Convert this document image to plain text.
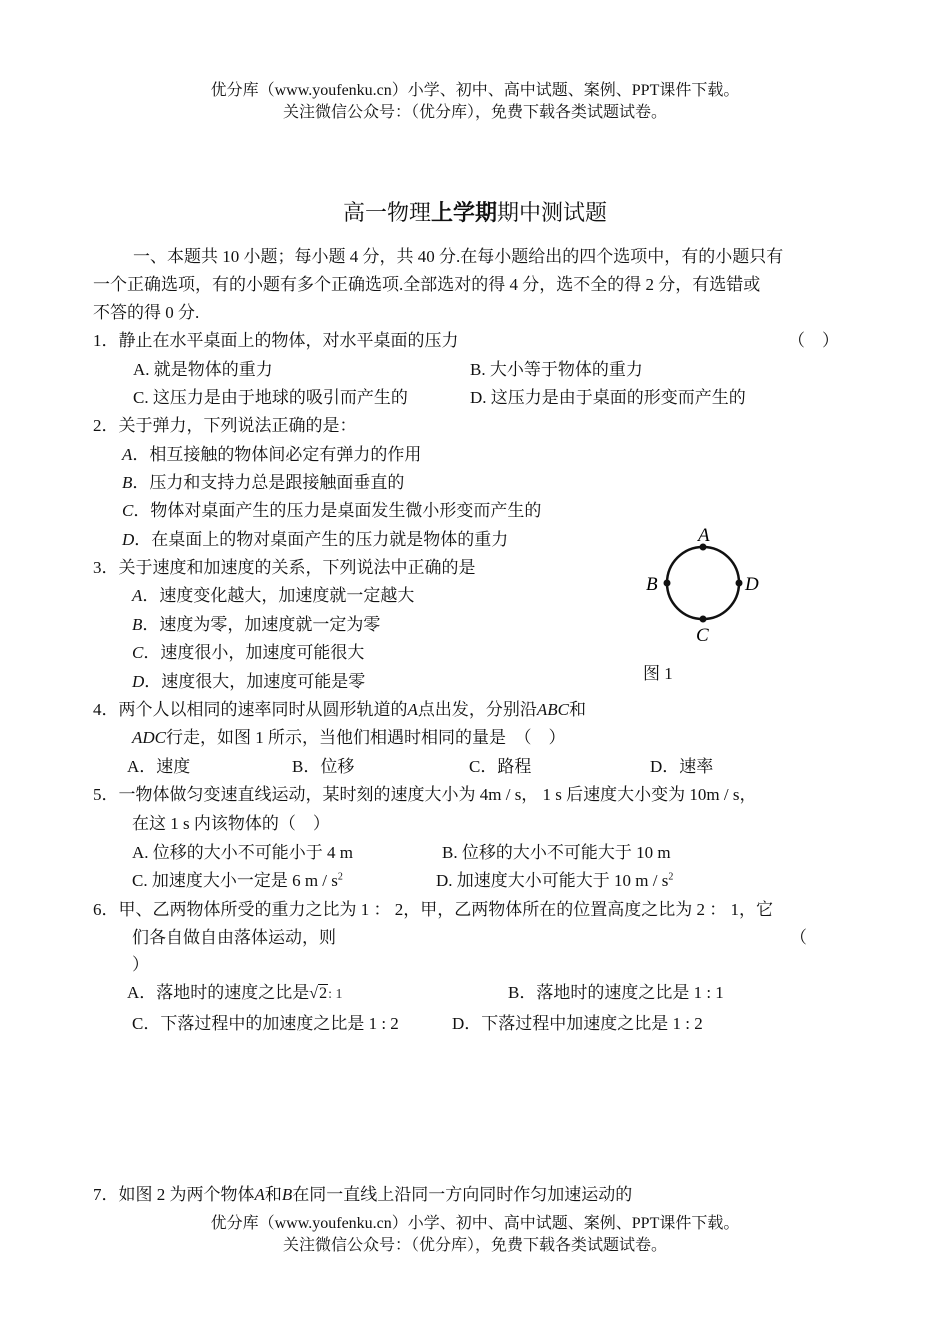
优分库（www.youfenku.cn）小学、初中、高中试题、案例、PPT课件下载。
关注微信公众号：（优分库），免费下载各类试题试卷。
高一物理上学期期中测试题
一、本题共 10 小题；每小题 4 分，共 40 分.在每小题给出的四个选项中，有的小题只有
一个正确选项，有的小题有多个正确选项.全部选对的得 4 分，选不全的得 2 分，有选错或
不答的得 0 分.
1．静止在水平桌面上的物体，对水平桌面的压力	（　）
A. 就是物体的重力	B. 大小等于物体的重力
C. 这压力是由于地球的吸引而产生的	D. 这压力是由于桌面的形变而产生的
2．关于弹力，下列说法正确的是：
A．相互接触的物体间必定有弹力的作用
B．压力和支持力总是跟接触面垂直的
C．物体对桌面产生的压力是桌面发生微小形变而产生的
D．在桌面上的物对桌面产生的压力就是物体的重力
3．关于速度和加速度的关系，下列说法中正确的是
A．速度变化越大，加速度就一定越大
B．速度为零，加速度就一定为零
C．速度很小，加速度可能很大
D．速度很大，加速度可能是零
A
B
C
D
图 1
4．两个人以相同的速率同时从圆形轨道的A点出发，分别沿ABC和
ADC行走，如图 1 所示，当他们相遇时相同的量是　（　）
A．速度	B．位移	C．路程	D．速率
5．一物体做匀变速直线运动，某时刻的速度大小为 4m / s， 1 s 后速度大小变为 10m / s，
在这 1 s 内该物体的（　）
A. 位移的大小不可能小于 4 m	B. 位移的大小不可能大于 10 m
C. 加速度大小一定是 6 m / $s^2$	D. 加速度大小可能大于 10 m / $s^2$
6．甲、乙两物体所受的重力之比为 1 ： 2，甲，乙两物体所在的位置高度之比为 2 ： 1，它
们各自做自由落体运动，则	（
）
A．落地时的速度之比是√2: 1	B．落地时的速度之比是 1 : 1
C．下落过程中的加速度之比是 1 : 2	D．下落过程中加速度之比是 1 : 2
7．如图 2 为两个物体A和B在同一直线上沿同一方向同时作匀加速运动的
优分库（www.youfenku.cn）小学、初中、高中试题、案例、PPT课件下载。
关注微信公众号：（优分库），免费下载各类试题试卷。
